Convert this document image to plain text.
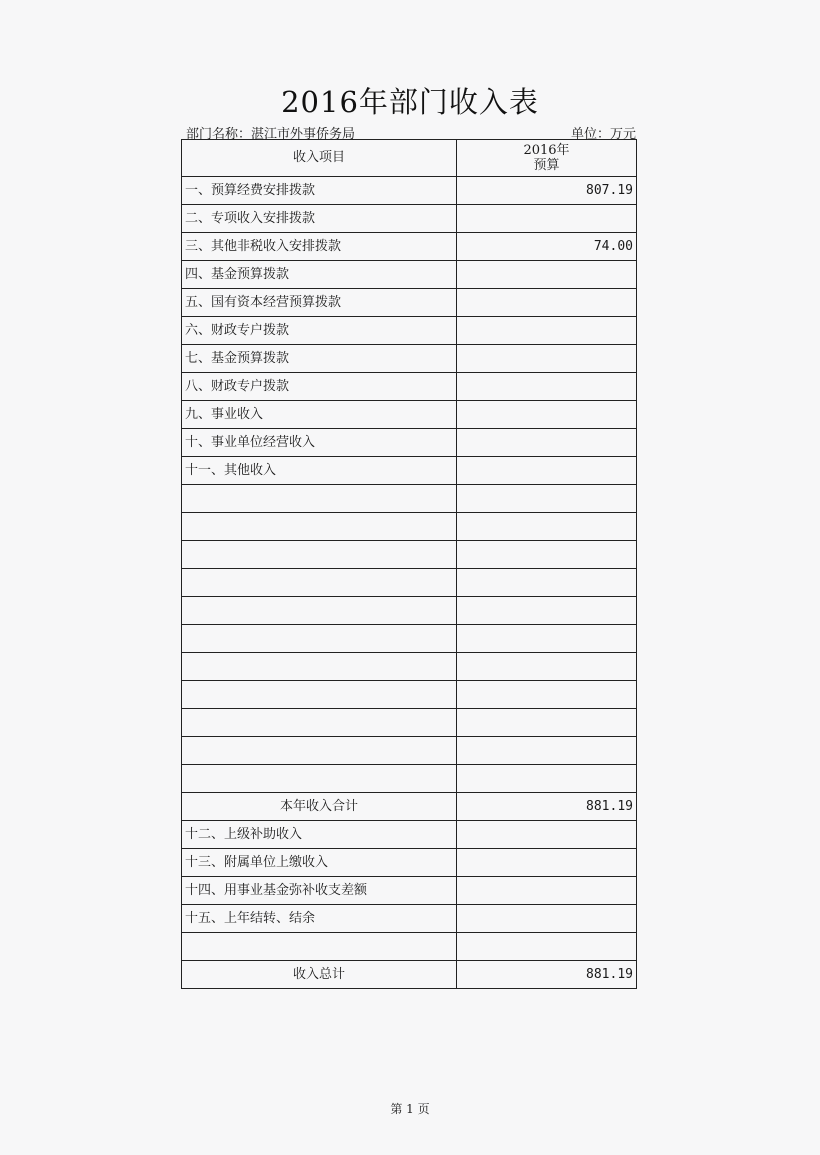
2016年部门收入表
部门名称：湛江市外事侨务局	单位：万元
收入项目	2016年
预算

一、预算经费安排拨款	807.19
二、专项收入安排拨款	
三、其他非税收入安排拨款	74.00
四、基金预算拨款	
五、国有资本经营预算拨款	
六、财政专户拨款	
七、基金预算拨款	
八、财政专户拨款	
九、事业收入	
十、事业单位经营收入	
十一、其他收入	

本年收入合计	881.19
十二、上级补助收入	
十三、附属单位上缴收入	
十四、用事业基金弥补收支差额	
十五、上年结转、结余	

收入总计	881.19
第 1 页
